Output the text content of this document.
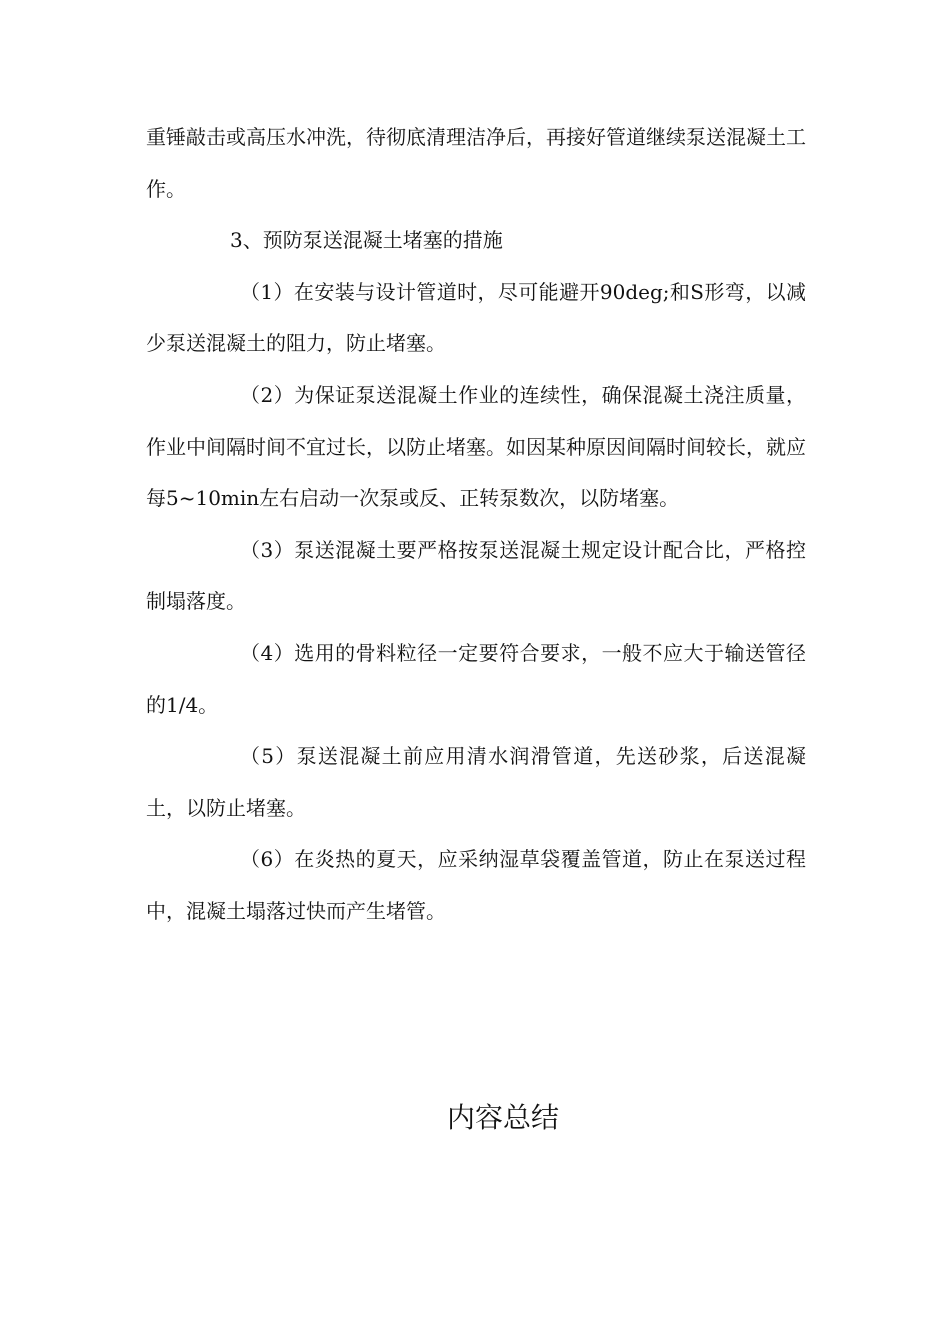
重锤敲击或高压水冲洗，待彻底清理洁净后，再接好管道继续泵送混凝土工作。

3、预防泵送混凝土堵塞的措施

（1）在安装与设计管道时，尽可能避开90deg;和S形弯，以减少泵送混凝土的阻力，防止堵塞。

（2）为保证泵送混凝土作业的连续性，确保混凝土浇注质量，作业中间隔时间不宜过长，以防止堵塞。如因某种原因间隔时间较长，就应每5~10min左右启动一次泵或反、正转泵数次，以防堵塞。

（3）泵送混凝土要严格按泵送混凝土规定设计配合比，严格控制塌落度。

（4）选用的骨料粒径一定要符合要求，一般不应大于输送管径的1/4。

（5）泵送混凝土前应用清水润滑管道，先送砂浆，后送混凝土，以防止堵塞。

（6）在炎热的夏天，应采纳湿草袋覆盖管道，防止在泵送过程中，混凝土塌落过快而产生堵管。

内容总结
